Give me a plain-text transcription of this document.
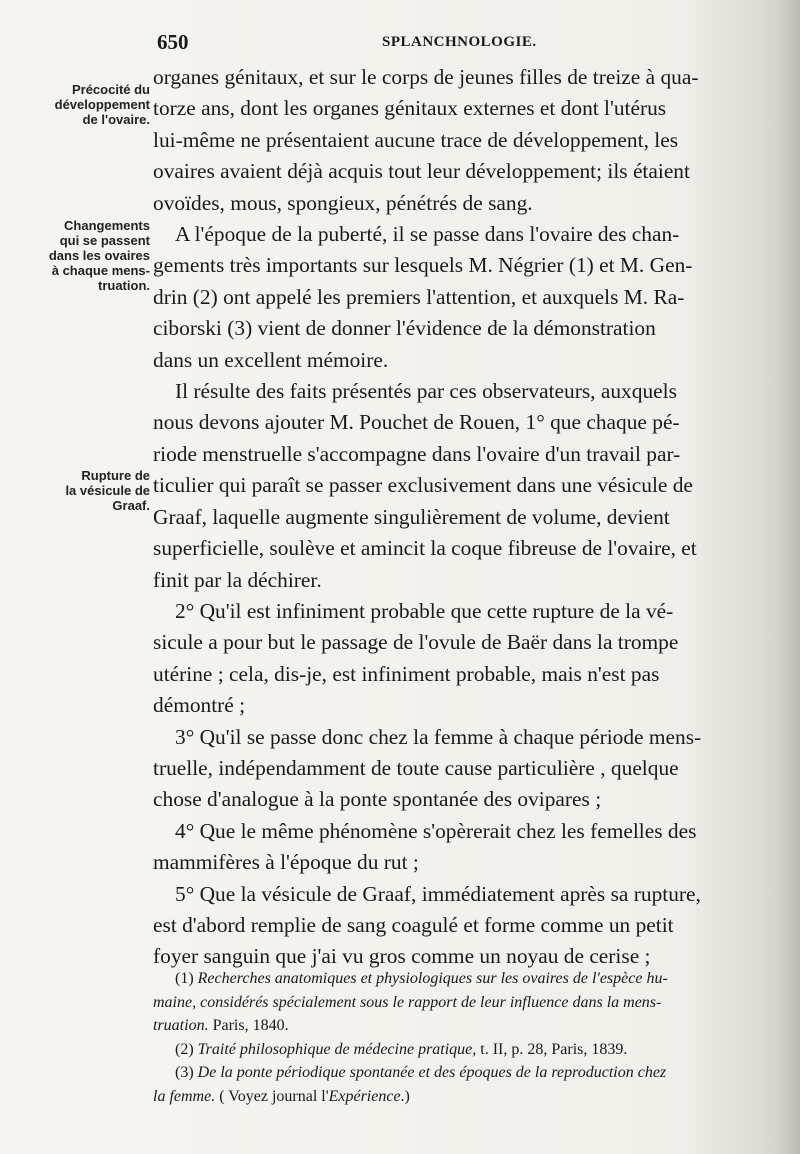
650	SPLANCHNOLOGIE.
Précocité du
développement
de l'ovaire.
Changements
qui se passent
dans les ovaires
à chaque mens-
truation.
Rupture de
la vésicule de
Graaf.

organes génitaux, et sur le corps de jeunes filles de treize à qua-
torze ans, dont les organes génitaux externes et dont l'utérus
lui-même ne présentaient aucune trace de développement, les
ovaires avaient déjà acquis tout leur développement; ils étaient
ovoïdes, mous, spongieux, pénétrés de sang.

A l'époque de la puberté, il se passe dans l'ovaire des chan-
gements très importants sur lesquels M. Négrier (1) et M. Gen-
drin (2) ont appelé les premiers l'attention, et auxquels M. Ra-
ciborski (3) vient de donner l'évidence de la démonstration
dans un excellent mémoire.

Il résulte des faits présentés par ces observateurs, auxquels
nous devons ajouter M. Pouchet de Rouen, 1° que chaque pé-
riode menstruelle s'accompagne dans l'ovaire d'un travail par-
ticulier qui paraît se passer exclusivement dans une vésicule de
Graaf, laquelle augmente singulièrement de volume, devient
superficielle, soulève et amincit la coque fibreuse de l'ovaire, et
finit par la déchirer.

2° Qu'il est infiniment probable que cette rupture de la vé-
sicule a pour but le passage de l'ovule de Baër dans la trompe
utérine ; cela, dis-je, est infiniment probable, mais n'est pas
démontré ;

3° Qu'il se passe donc chez la femme à chaque période mens-
truelle, indépendamment de toute cause particulière , quelque
chose d'analogue à la ponte spontanée des ovipares ;

4° Que le même phénomène s'opèrerait chez les femelles des
mammifères à l'époque du rut ;

5° Que la vésicule de Graaf, immédiatement après sa rupture,
est d'abord remplie de sang coagulé et forme comme un petit
foyer sanguin que j'ai vu gros comme un noyau de cerise ;

(1) Recherches anatomiques et physiologiques sur les ovaires de l'espèce hu-
maine, considérés spécialement sous le rapport de leur influence dans la mens-
truation. Paris, 1840.
(2) Traité philosophique de médecine pratique, t. II, p. 28, Paris, 1839.
(3) De la ponte périodique spontanée et des époques de la reproduction chez
la femme. ( Voyez journal l'Expérience.)
